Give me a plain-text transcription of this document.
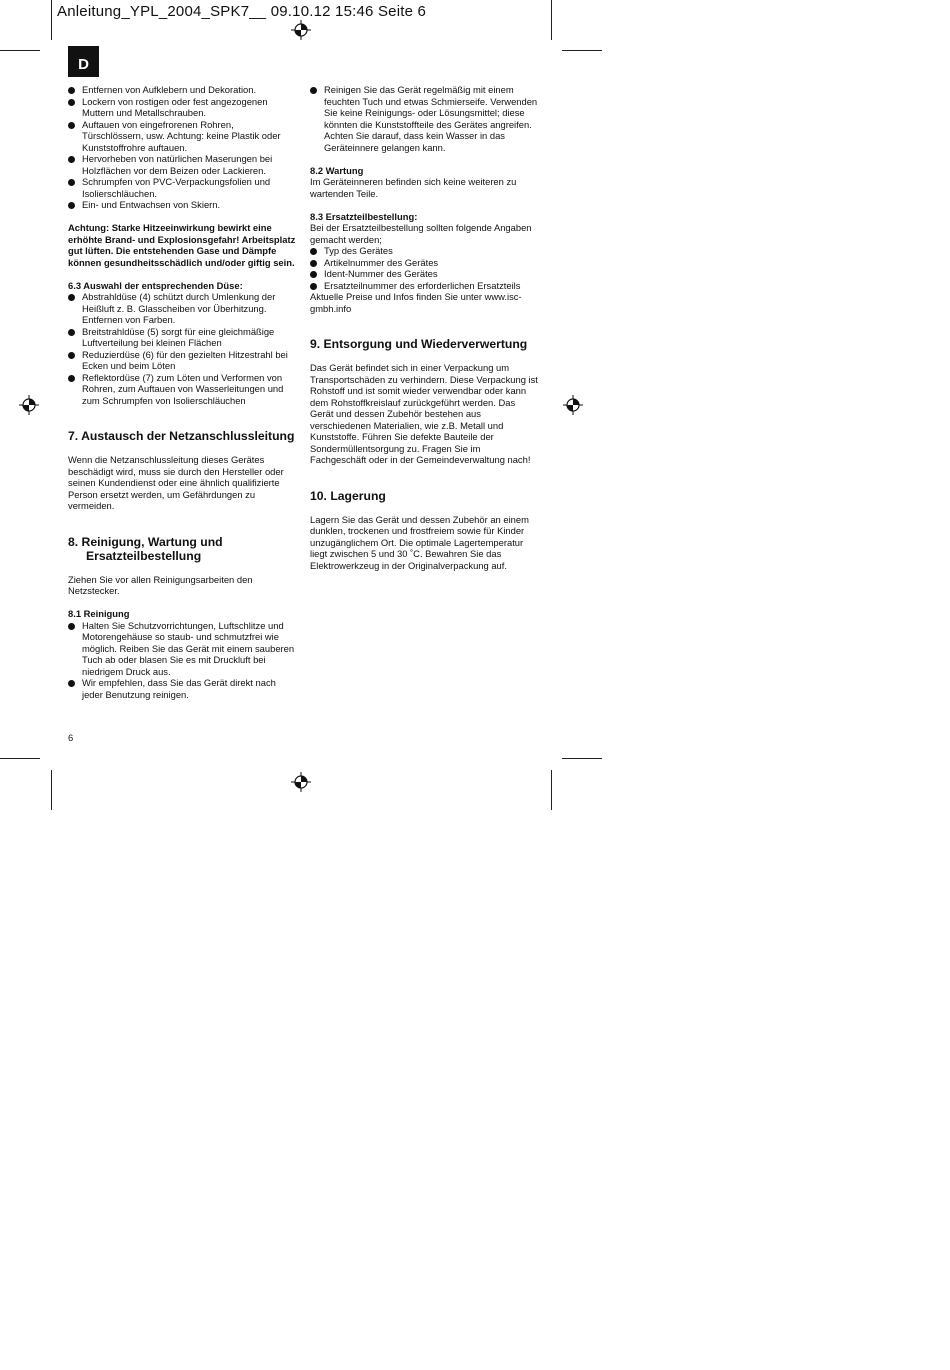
Anleitung_YPL_2004_SPK7__ 09.10.12 15:46 Seite 6
D
Entfernen von Aufklebern und Dekoration.
Lockern von rostigen oder fest angezogenen Muttern und Metallschrauben.
Auftauen von eingefrorenen Rohren, Türschlössern, usw. Achtung: keine Plastik oder Kunststoffrohre auftauen.
Hervorheben von natürlichen Maserungen bei Holzflächen vor dem Beizen oder Lackieren.
Schrumpfen von PVC-Verpackungsfolien und Isolierschläuchen.
Ein- und Entwachsen von Skiern.

Achtung: Starke Hitzeeinwirkung bewirkt eine erhöhte Brand- und Explosionsgefahr! Arbeitsplatz gut lüften. Die entstehenden Gase und Dämpfe können gesundheitsschädlich und/oder giftig sein.

6.3 Auswahl der entsprechenden Düse:

Abstrahldüse (4) schützt durch Umlenkung der Heißluft z. B. Glasscheiben vor Überhitzung. Entfernen von Farben.
Breitstrahldüse (5) sorgt für eine gleichmäßige Luftverteilung bei kleinen Flächen
Reduzierdüse (6) für den gezielten Hitzestrahl bei Ecken und beim Löten
Reflektordüse (7) zum Löten und Verformen von Rohren, zum Auftauen von Wasserleitungen und zum Schrumpfen von Isolierschläuchen

7. Austausch der Netzanschlussleitung

Wenn die Netzanschlussleitung dieses Gerätes beschädigt wird, muss sie durch den Hersteller oder seinen Kundendienst oder eine ähnlich qualifizierte Person ersetzt werden, um Gefährdungen zu vermeiden.

8. Reinigung, Wartung und

Ersatzteilbestellung

Ziehen Sie vor allen Reinigungsarbeiten den Netzstecker.

8.1 Reinigung

Halten Sie Schutzvorrichtungen, Luftschlitze und Motorengehäuse so staub- und schmutzfrei wie möglich. Reiben Sie das Gerät mit einem sauberen Tuch ab oder blasen Sie es mit Druckluft bei niedrigem Druck aus.
Wir empfehlen, dass Sie das Gerät direkt nach jeder Benutzung reinigen.
Reinigen Sie das Gerät regelmäßig mit einem feuchten Tuch und etwas Schmierseife. Verwenden Sie keine Reinigungs- oder Lösungsmittel; diese könnten die Kunststoffteile des Gerätes angreifen. Achten Sie darauf, dass kein Wasser in das Geräteinnere gelangen kann.

8.2 Wartung

Im Geräteinneren befinden sich keine weiteren zu wartenden Teile.

8.3 Ersatzteilbestellung:

Bei der Ersatzteilbestellung sollten folgende Angaben gemacht werden;

Typ des Gerätes
Artikelnummer des Gerätes
Ident-Nummer des Gerätes
Ersatzteilnummer des erforderlichen Ersatzteils

Aktuelle Preise und Infos finden Sie unter www.isc-gmbh.info

9. Entsorgung und Wiederverwertung

Das Gerät befindet sich in einer Verpackung um Transportschäden zu verhindern. Diese Verpackung ist Rohstoff und ist somit wieder verwendbar oder kann dem Rohstoffkreislauf zurückgeführt werden. Das Gerät und dessen Zubehör bestehen aus verschiedenen Materialien, wie z.B. Metall und Kunststoffe. Führen Sie defekte Bauteile der Sondermüllentsorgung zu. Fragen Sie im Fachgeschäft oder in der Gemeindeverwaltung nach!

10. Lagerung

Lagern Sie das Gerät und dessen Zubehör an einem dunklen, trockenen und frostfreiem sowie für Kinder unzugänglichem Ort. Die optimale Lagertemperatur liegt zwischen 5 und 30 ˚C. Bewahren Sie das Elektrowerkzeug in der Originalverpackung auf.

6
